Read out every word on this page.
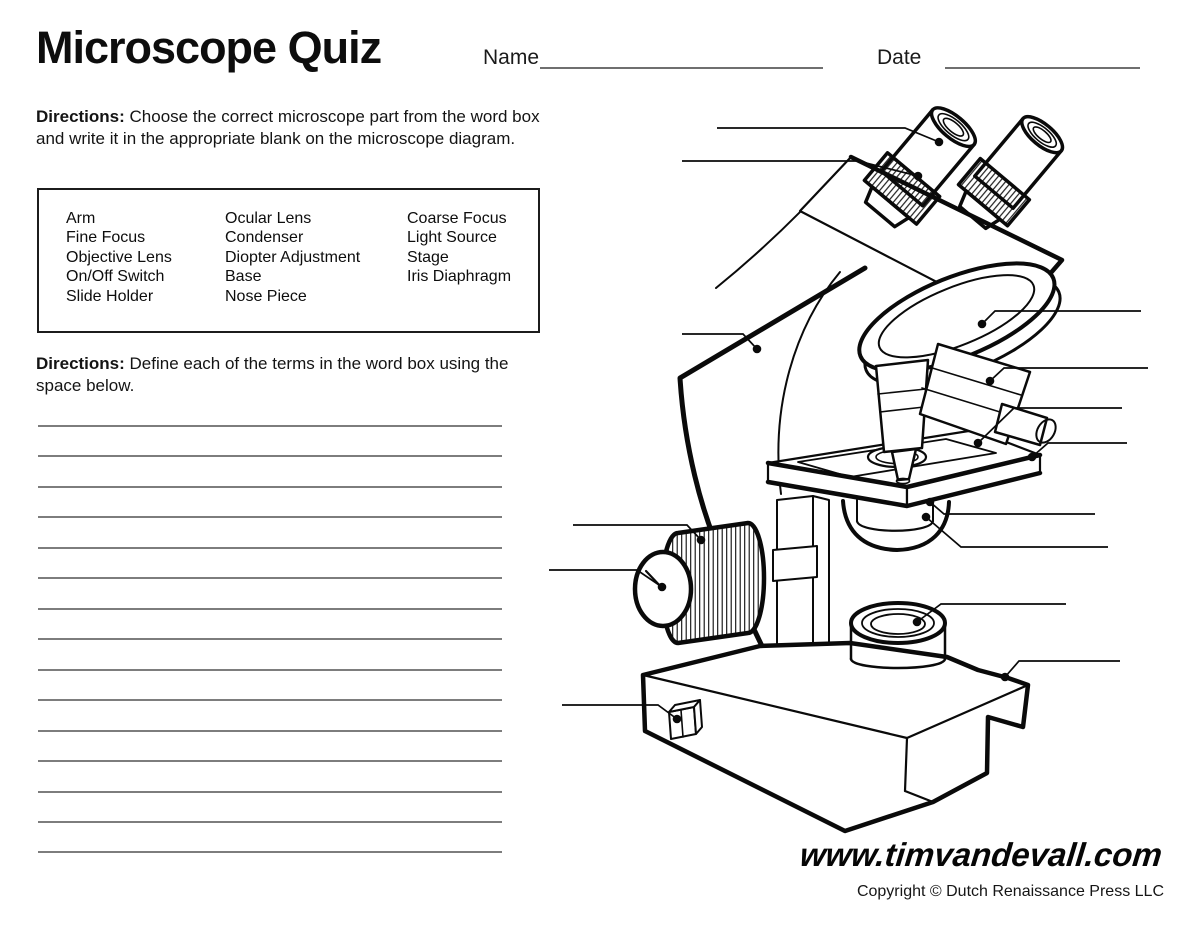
Microscope Quiz	Name	Date
Directions: Choose the correct microscope part from the word box and write it in the appropriate blank on the microscope diagram.
Arm
Fine Focus
Objective Lens
On/Off Switch
Slide Holder
Ocular Lens
Condenser
Diopter Adjustment
Base
Nose Piece
Coarse Focus
Light Source
Stage
Iris Diaphragm
Directions: Define each of the terms in the word box using the space below.
www.timvandevall.com
Copyright © Dutch Renaissance Press LLC
